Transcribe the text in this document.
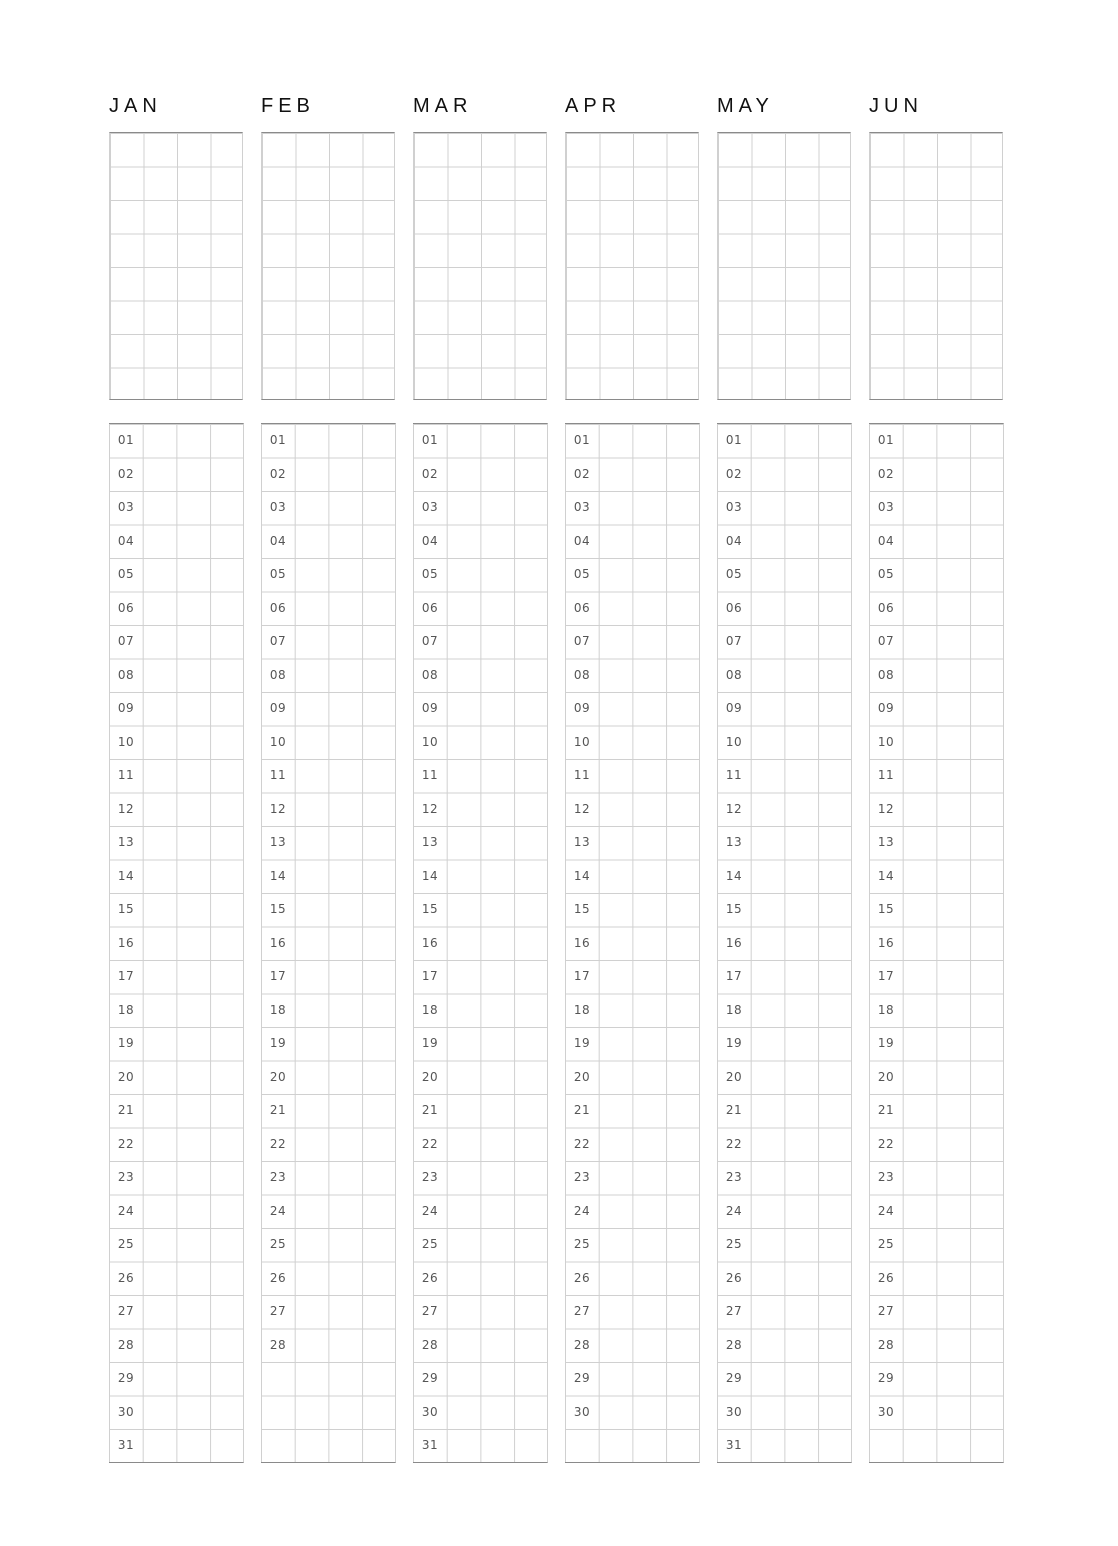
JAN
01
02
03
04
05
06
07
08
09
10
11
12
13
14
15
16
17
18
19
20
21
22
23
24
25
26
27
28
29
30
31
FEB
01
02
03
04
05
06
07
08
09
10
11
12
13
14
15
16
17
18
19
20
21
22
23
24
25
26
27
28
MAR
01
02
03
04
05
06
07
08
09
10
11
12
13
14
15
16
17
18
19
20
21
22
23
24
25
26
27
28
29
30
31
APR
01
02
03
04
05
06
07
08
09
10
11
12
13
14
15
16
17
18
19
20
21
22
23
24
25
26
27
28
29
30
MAY
01
02
03
04
05
06
07
08
09
10
11
12
13
14
15
16
17
18
19
20
21
22
23
24
25
26
27
28
29
30
31
JUN
01
02
03
04
05
06
07
08
09
10
11
12
13
14
15
16
17
18
19
20
21
22
23
24
25
26
27
28
29
30
